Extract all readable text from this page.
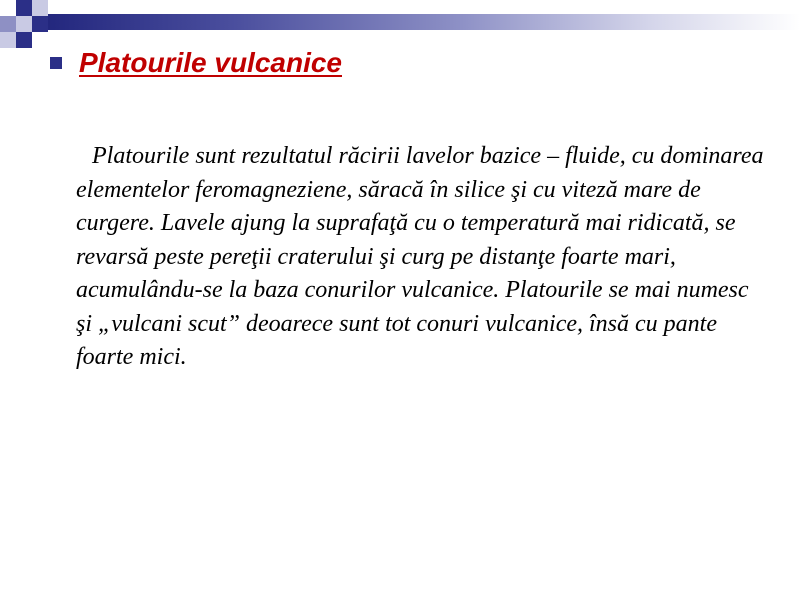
Platourile vulcanice

Platourile sunt rezultatul răcirii lavelor bazice – fluide, cu dominarea elementelor feromagneziene, săracă în silice şi cu viteză mare de curgere. Lavele ajung la suprafaţă cu o temperatură mai ridicată, se revarsă peste pereţii craterului şi curg pe distanţe foarte mari, acumulându-se la baza conurilor vulcanice. Platourile se mai numesc şi „vulcani scut” deoarece sunt tot conuri vulcanice, însă cu pante foarte mici.
